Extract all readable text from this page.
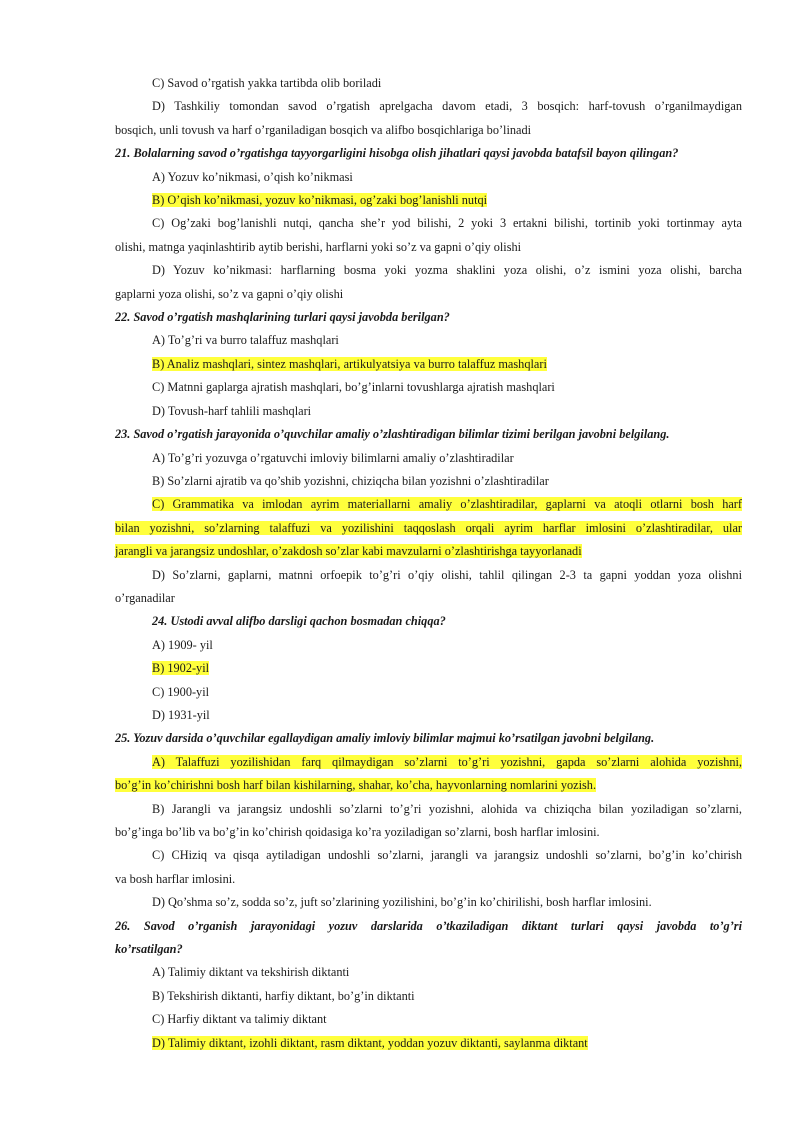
C) Savod o’rgatish yakka tartibda olib boriladi

D) Tashkiliy tomondan savod o’rgatish aprelgacha davom etadi, 3 bosqich: harf-tovush o’rganilmaydigan

bosqich, unli tovush va harf o’rganiladigan bosqich va alifbo bosqichlariga bo’linadi

21. Bolalarning savod o’rgatishga tayyorgarligini hisobga olish jihatlari qaysi javobda batafsil bayon qilingan?

A) Yozuv ko’nikmasi, o’qish ko’nikmasi

B) O’qish ko’nikmasi, yozuv ko’nikmasi, og’zaki bog’lanishli nutqi

C) Og’zaki bog’lanishli nutqi, qancha she’r yod bilishi, 2 yoki 3 ertakni bilishi, tortinib yoki tortinmay ayta

olishi, matnga yaqinlashtirib aytib berishi, harflarni yoki so’z va gapni o’qiy olishi

D) Yozuv ko’nikmasi: harflarning bosma yoki yozma shaklini yoza olishi, o’z ismini yoza olishi, barcha

gaplarni yoza olishi, so’z va gapni o’qiy olishi

22. Savod o’rgatish mashqlarining turlari qaysi javobda berilgan?

A) To’g’ri va burro talaffuz mashqlari

B) Analiz mashqlari, sintez mashqlari, artikulyatsiya va burro talaffuz mashqlari

C) Matnni gaplarga ajratish mashqlari, bo’g’inlarni tovushlarga ajratish mashqlari

D) Tovush-harf tahlili mashqlari

23. Savod o’rgatish jarayonida o’quvchilar amaliy o’zlashtiradigan bilimlar tizimi berilgan javobni belgilang.

A) To’g’ri yozuvga o’rgatuvchi imloviy bilimlarni amaliy o’zlashtiradilar

B) So’zlarni ajratib va qo’shib yozishni, chiziqcha bilan yozishni o’zlashtiradilar

C) Grammatika va imlodan ayrim materiallarni amaliy o’zlashtiradilar, gaplarni va atoqli otlarni bosh harf

bilan yozishni, so’zlarning talaffuzi va yozilishini taqqoslash orqali ayrim harflar imlosini o’zlashtiradilar, ular

jarangli va jarangsiz undoshlar, o’zakdosh so’zlar kabi mavzularni o’zlashtirishga tayyorlanadi

D) So’zlarni, gaplarni, matnni orfoepik to’g’ri o’qiy olishi, tahlil qilingan 2-3 ta gapni yoddan yoza olishni

o’rganadilar

24. Ustodi avval alifbo darsligi qachon bosmadan chiqqa?

A) 1909- yil

B) 1902-yil

C) 1900-yil

D) 1931-yil

25. Yozuv darsida o’quvchilar egallaydigan amaliy imloviy bilimlar majmui ko’rsatilgan javobni belgilang.

A) Talaffuzi yozilishidan farq qilmaydigan so’zlarni to’g’ri yozishni, gapda so’zlarni alohida yozishni,

bo’g’in ko’chirishni bosh harf bilan kishilarning, shahar, ko’cha, hayvonlarning nomlarini yozish.

B) Jarangli va jarangsiz undoshli so’zlarni to’g’ri yozishni, alohida va chiziqcha bilan yoziladigan so’zlarni,

bo’g’inga bo’lib va bo’g’in ko’chirish qoidasiga ko’ra yoziladigan so’zlarni, bosh harflar imlosini.

C) CHiziq va qisqa aytiladigan undoshli so’zlarni, jarangli va jarangsiz undoshli so’zlarni, bo’g’in ko’chirish

va bosh harflar imlosini.

D) Qo’shma so’z, sodda so’z, juft so’zlarining yozilishini, bo’g’in ko’chirilishi, bosh harflar imlosini.

26. Savod o’rganish jarayonidagi yozuv darslarida o’tkaziladigan diktant turlari qaysi javobda to’g’ri

ko’rsatilgan?

A) Talimiy diktant va tekshirish diktanti

B) Tekshirish diktanti, harfiy diktant, bo’g’in diktanti

C) Harfiy diktant va talimiy diktant

D) Talimiy diktant, izohli diktant, rasm diktant, yoddan yozuv diktanti, saylanma diktant
